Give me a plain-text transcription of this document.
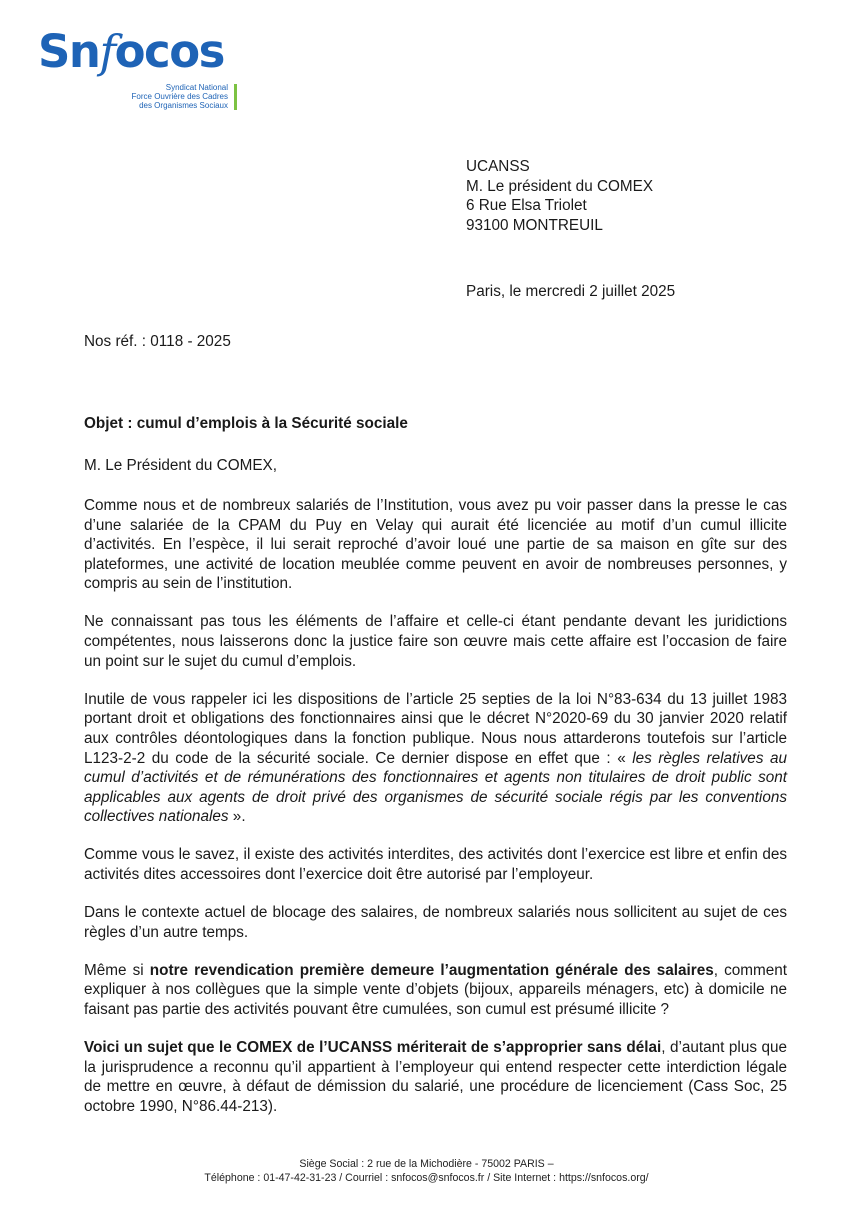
Snfocos
Syndicat National
Force Ouvrière des Cadres
des Organismes Sociaux
UCANSS
M. Le président du COMEX
6 Rue Elsa Triolet
93100 MONTREUIL
Paris, le mercredi 2 juillet 2025
Nos réf. : 0118 - 2025
Objet : cumul d’emplois à la Sécurité sociale
M. Le Président du COMEX,

Comme nous et de nombreux salariés de l’Institution, vous avez pu voir passer dans la presse le cas d’une salariée de la CPAM du Puy en Velay qui aurait été licenciée au motif d’un cumul illicite d’activités. En l’espèce, il lui serait reproché d’avoir loué une partie de sa maison en gîte sur des plateformes, une activité de location meublée comme peuvent en avoir de nombreuses personnes, y compris au sein de l’institution.

Ne connaissant pas tous les éléments de l’affaire et celle-ci étant pendante devant les juridictions compétentes, nous laisserons donc la justice faire son œuvre mais cette affaire est l’occasion de faire un point sur le sujet du cumul d’emplois.

Inutile de vous rappeler ici les dispositions de l’article 25 septies de la loi N°83-634 du 13 juillet 1983 portant droit et obligations des fonctionnaires ainsi que le décret N°2020-69 du 30 janvier 2020 relatif aux contrôles déontologiques dans la fonction publique. Nous nous attarderons toutefois sur l’article L123-2-2 du code de la sécurité sociale. Ce dernier dispose en effet que : « les règles relatives au cumul d’activités et de rémunérations des fonctionnaires et agents non titulaires de droit public sont applicables aux agents de droit privé des organismes de sécurité sociale régis par les conventions collectives nationales ».

Comme vous le savez, il existe des activités interdites, des activités dont l’exercice est libre et enfin des activités dites accessoires dont l’exercice doit être autorisé par l’employeur.

Dans le contexte actuel de blocage des salaires, de nombreux salariés nous sollicitent au sujet de ces règles d’un autre temps.

Même si notre revendication première demeure l’augmentation générale des salaires, comment expliquer à nos collègues que la simple vente d’objets (bijoux, appareils ménagers, etc) à domicile ne faisant pas partie des activités pouvant être cumulées, son cumul est présumé illicite ?

Voici un sujet que le COMEX de l’UCANSS mériterait de s’approprier sans délai, d’autant plus que la jurisprudence a reconnu qu’il appartient à l’employeur qui entend respecter cette interdiction légale de mettre en œuvre, à défaut de démission du salarié, une procédure de licenciement (Cass Soc, 25 octobre 1990, N°86.44-213).

Siège Social : 2 rue de la Michodière - 75002 PARIS –
Téléphone : 01-47-42-31-23 / Courriel : snfocos@snfocos.fr / Site Internet : https://snfocos.org/
